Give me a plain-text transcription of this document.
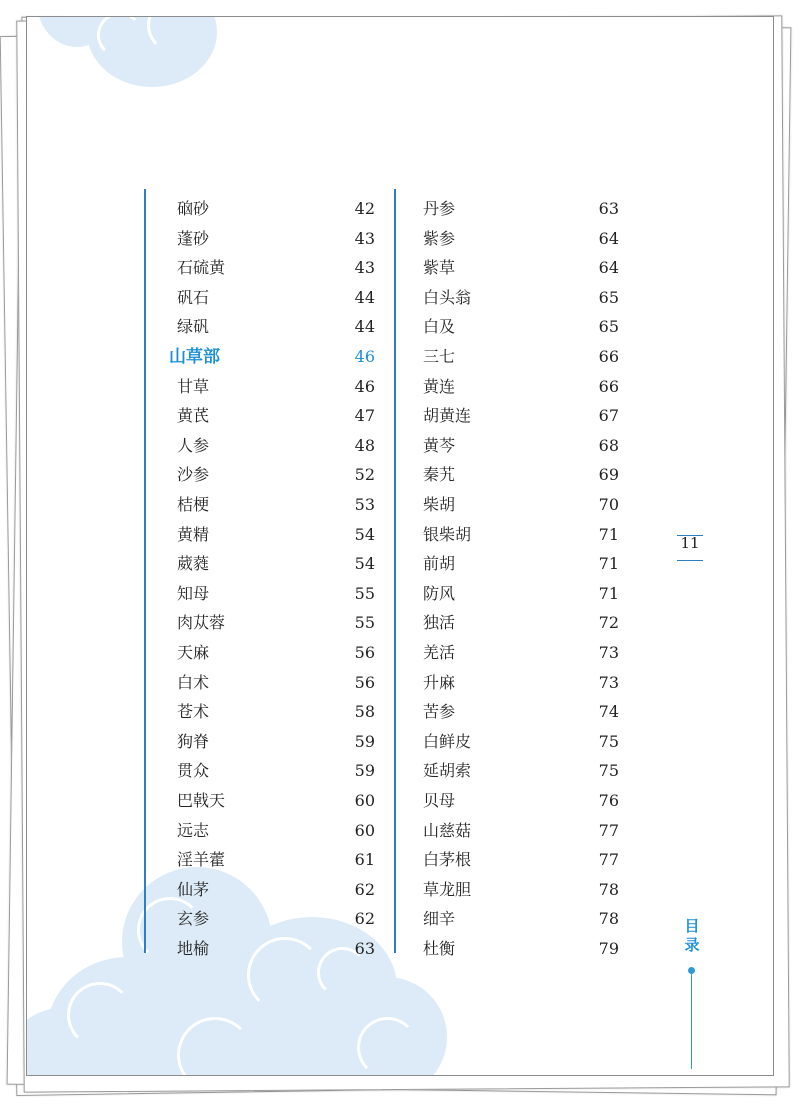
硇砂	42
蓬砂	43
石硫黄	43
矾石	44
绿矾	44
山草部	46
甘草	46
黄芪	47
人参	48
沙参	52
桔梗	53
黄精	54
葳蕤	54
知母	55
肉苁蓉	55
天麻	56
白术	56
苍术	58
狗脊	59
贯众	59
巴戟天	60
远志	60
淫羊藿	61
仙茅	62
玄参	62
地榆	63
丹参	63
紫参	64
紫草	64
白头翁	65
白及	65
三七	66
黄连	66
胡黄连	67
黄芩	68
秦艽	69
柴胡	70
银柴胡	71
前胡	71
防风	71
独活	72
羌活	73
升麻	73
苦参	74
白鲜皮	75
延胡索	75
贝母	76
山慈菇	77
白茅根	77
草龙胆	78
细辛	78
杜衡	79
11
目录
